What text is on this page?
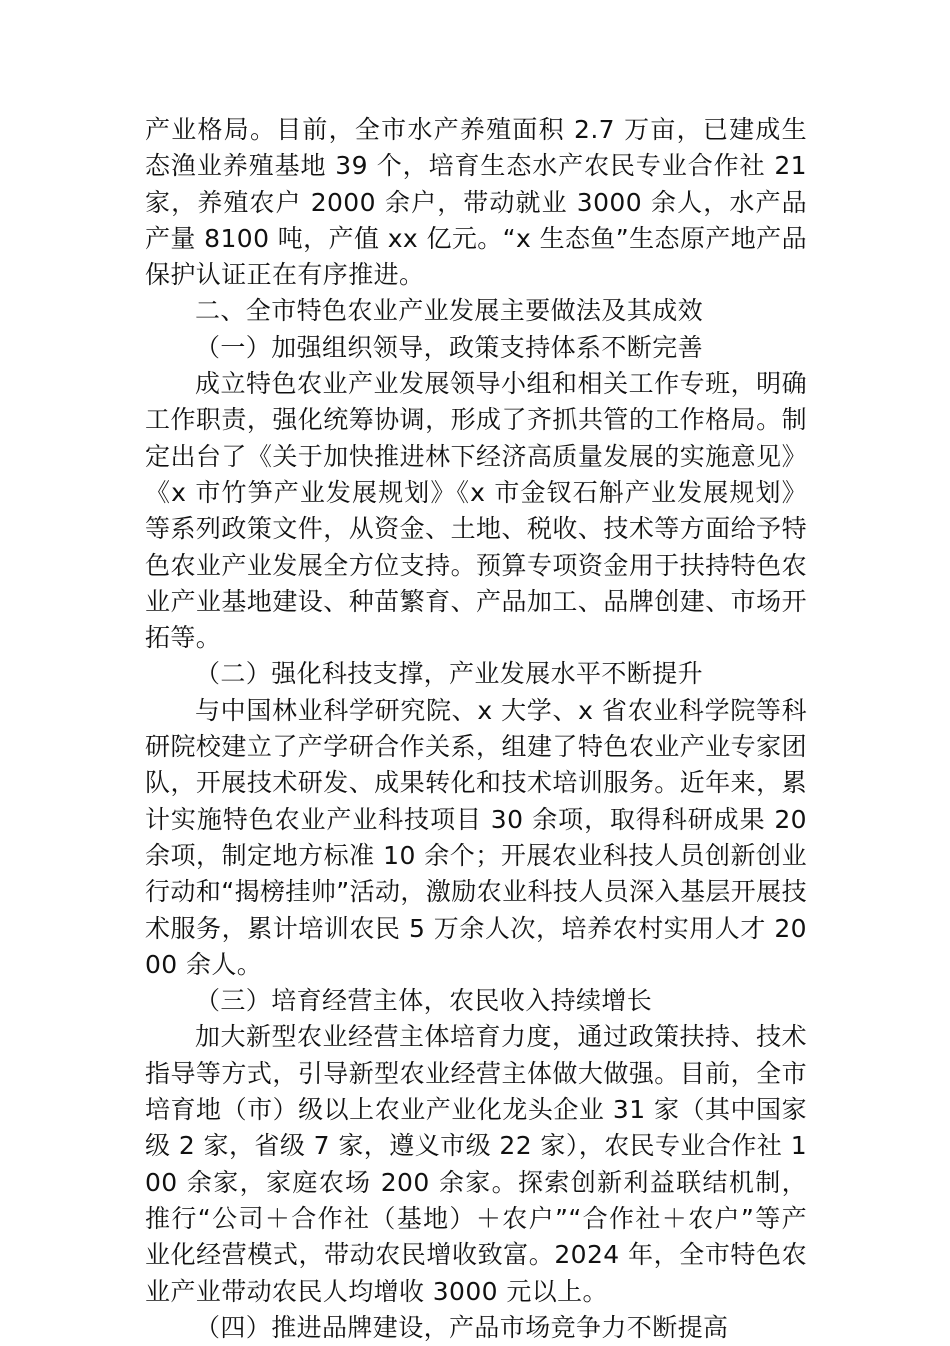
产业格局。目前，全市水产养殖面积 2.7 万亩，已建成生态渔业养殖基地 39 个，培育生态水产农民专业合作社 21 家，养殖农户 2000 余户，带动就业 3000 余人，水产品产量 8100 吨，产值 xx 亿元。“x 生态鱼”生态原产地产品保护认证正在有序推进。

二、全市特色农业产业发展主要做法及其成效

（一）加强组织领导，政策支持体系不断完善

成立特色农业产业发展领导小组和相关工作专班，明确工作职责，强化统筹协调，形成了齐抓共管的工作格局。制定出台了《关于加快推进林下经济高质量发展的实施意见》《x 市竹笋产业发展规划》《x 市金钗石斛产业发展规划》等系列政策文件，从资金、土地、税收、技术等方面给予特色农业产业发展全方位支持。预算专项资金用于扶持特色农业产业基地建设、种苗繁育、产品加工、品牌创建、市场开拓等。

（二）强化科技支撑，产业发展水平不断提升

与中国林业科学研究院、x 大学、x 省农业科学院等科研院校建立了产学研合作关系，组建了特色农业产业专家团队，开展技术研发、成果转化和技术培训服务。近年来，累计实施特色农业产业科技项目 30 余项，取得科研成果 20 余项，制定地方标准 10 余个；开展农业科技人员创新创业行动和“揭榜挂帅”活动，激励农业科技人员深入基层开展技术服务，累计培训农民 5 万余人次，培养农村实用人才 2000 余人。

（三）培育经营主体，农民收入持续增长

加大新型农业经营主体培育力度，通过政策扶持、技术指导等方式，引导新型农业经营主体做大做强。目前，全市培育地（市）级以上农业产业化龙头企业 31 家（其中国家级 2 家，省级 7 家，遵义市级 22 家），农民专业合作社 100 余家，家庭农场 200 余家。探索创新利益联结机制，推行“公司＋合作社（基地）＋农户”“合作社＋农户”等产业化经营模式，带动农民增收致富。2024 年，全市特色农业产业带动农民人均增收 3000 元以上。

（四）推进品牌建设，产品市场竞争力不断提高
